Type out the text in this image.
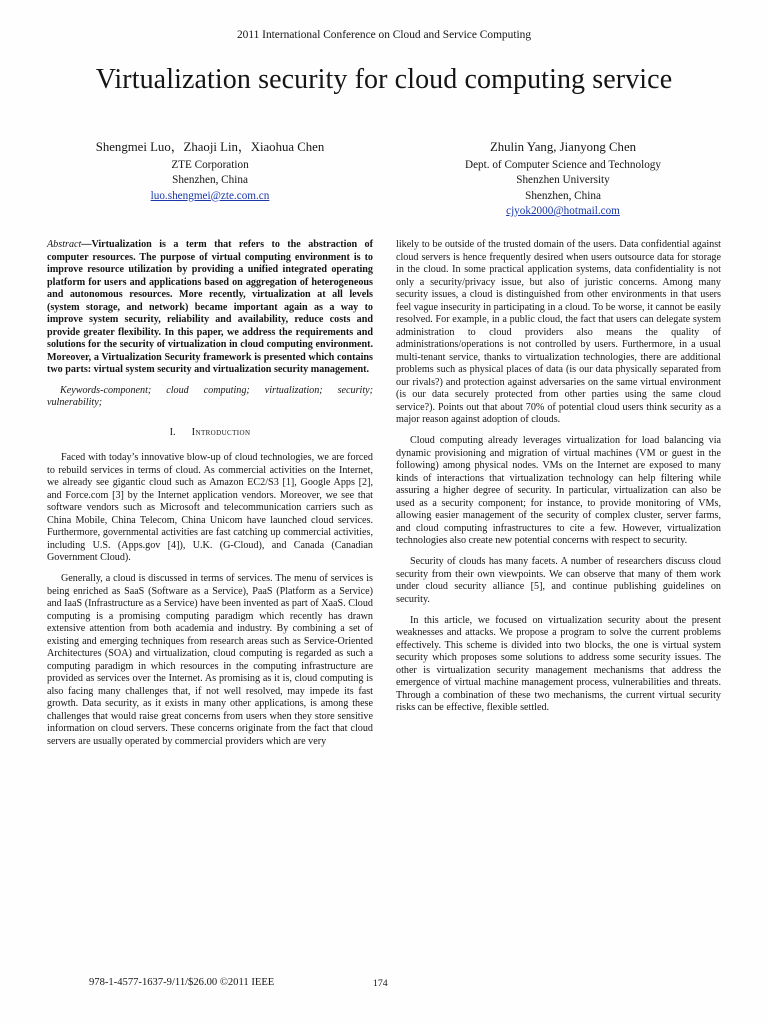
2011 International Conference on Cloud and Service Computing
Virtualization security for cloud computing service
Shengmei Luo，Zhaoji Lin，Xiaohua Chen
ZTE Corporation
Shenzhen, China
luo.shengmei@zte.com.cn
Zhulin Yang, Jianyong Chen
Dept. of Computer Science and Technology
Shenzhen University
Shenzhen, China
cjyok2000@hotmail.com

Abstract—Virtualization is a term that refers to the abstraction of computer resources. The purpose of virtual computing environment is to improve resource utilization by providing a unified integrated operating platform for users and applications based on aggregation of heterogeneous and autonomous resources. More recently, virtualization at all levels (system storage, and network) became important again as a way to improve system security, reliability and availability, reduce costs and provide greater flexibility. In this paper, we address the requirements and solutions for the security of virtualization in cloud computing environment. Moreover, a Virtualization Security framework is presented which contains two parts: virtual system security and virtualization security management.

Keywords-component; cloud computing; virtualization; security; vulnerability;

I. Introduction

Faced with today’s innovative blow-up of cloud technologies, we are forced to rebuild services in terms of cloud. As commercial activities on the Internet, we already see gigantic cloud such as Amazon EC2/S3 [1], Google Apps [2], and Force.com [3] by the Internet application vendors. Moreover, we see that software vendors such as Microsoft and telecommunication carriers such as China Mobile, China Telecom, China Unicom have launched cloud services. Furthermore, governmental activities are fast catching up commercial activities, including U.S. (Apps.gov [4]), U.K. (G-Cloud), and Canada (Canadian Government Cloud).

Generally, a cloud is discussed in terms of services. The menu of services is being enriched as SaaS (Software as a Service), PaaS (Platform as a Service) and IaaS (Infrastructure as a Service) have been invented as part of XaaS. Cloud computing is a promising computing paradigm which recently has drawn extensive attention from both academia and industry. By combining a set of existing and emerging techniques from research areas such as Service-Oriented Architectures (SOA) and virtualization, cloud computing is regarded as such a computing paradigm in which resources in the computing infrastructure are provided as services over the Internet. As promising as it is, cloud computing is also facing many challenges that, if not well resolved, may impede its fast growth. Data security, as it exists in many other applications, is among these challenges that would raise great concerns from users when they store sensitive information on cloud servers. These concerns originate from the fact that cloud servers are usually operated by commercial providers which are very

likely to be outside of the trusted domain of the users. Data confidential against cloud servers is hence frequently desired when users outsource data for storage in the cloud. In some practical application systems, data confidentiality is not only a security/privacy issue, but also of juristic concerns. Among many security issues, a cloud is distinguished from other environments in that users feel vague insecurity in participating in a cloud. To be worse, it cannot be easily resolved. For example, in a public cloud, the fact that users can delegate system administration to cloud providers also means the quality of administrations/operations is not controlled by users. Furthermore, in a usual multi-tenant service, thanks to virtualization technologies, there are additional problems such as physical places of data (is our data physically separated from our rivals?) and protection against adversaries on the same virtual environment (is our data securely protected from other parties using the same cloud service?). Points out that about 70% of potential cloud users think security as a major reason against adoption of clouds.

Cloud computing already leverages virtualization for load balancing via dynamic provisioning and migration of virtual machines (VM or guest in the following) among physical nodes. VMs on the Internet are exposed to many kinds of interactions that virtualization technology can help filtering while assuring a higher degree of security. In particular, virtualization can also be used as a security component; for instance, to provide monitoring of VMs, allowing easier management of the security of complex cluster, server farms, and cloud computing infrastructures to cite a few. However, virtualization technologies also create new potential concerns with respect to security.

Security of clouds has many facets. A number of researchers discuss cloud security from their own viewpoints. We can observe that many of them work under cloud security alliance [5], and continue publishing guidelines on security.

In this article, we focused on virtualization security about the present weaknesses and attacks. We propose a program to solve the current problems effectively. This scheme is divided into two blocks, the one is virtual system security which proposes some solutions to address some security issues. The other is virtualization security management mechanisms that address the emergence of virtual machine management process, vulnerabilities and threats. Through a combination of these two mechanisms, the current virtual security risks can be effective, flexible settled.

978-1-4577-1637-9/11/$26.00 ©2011 IEEE	174
